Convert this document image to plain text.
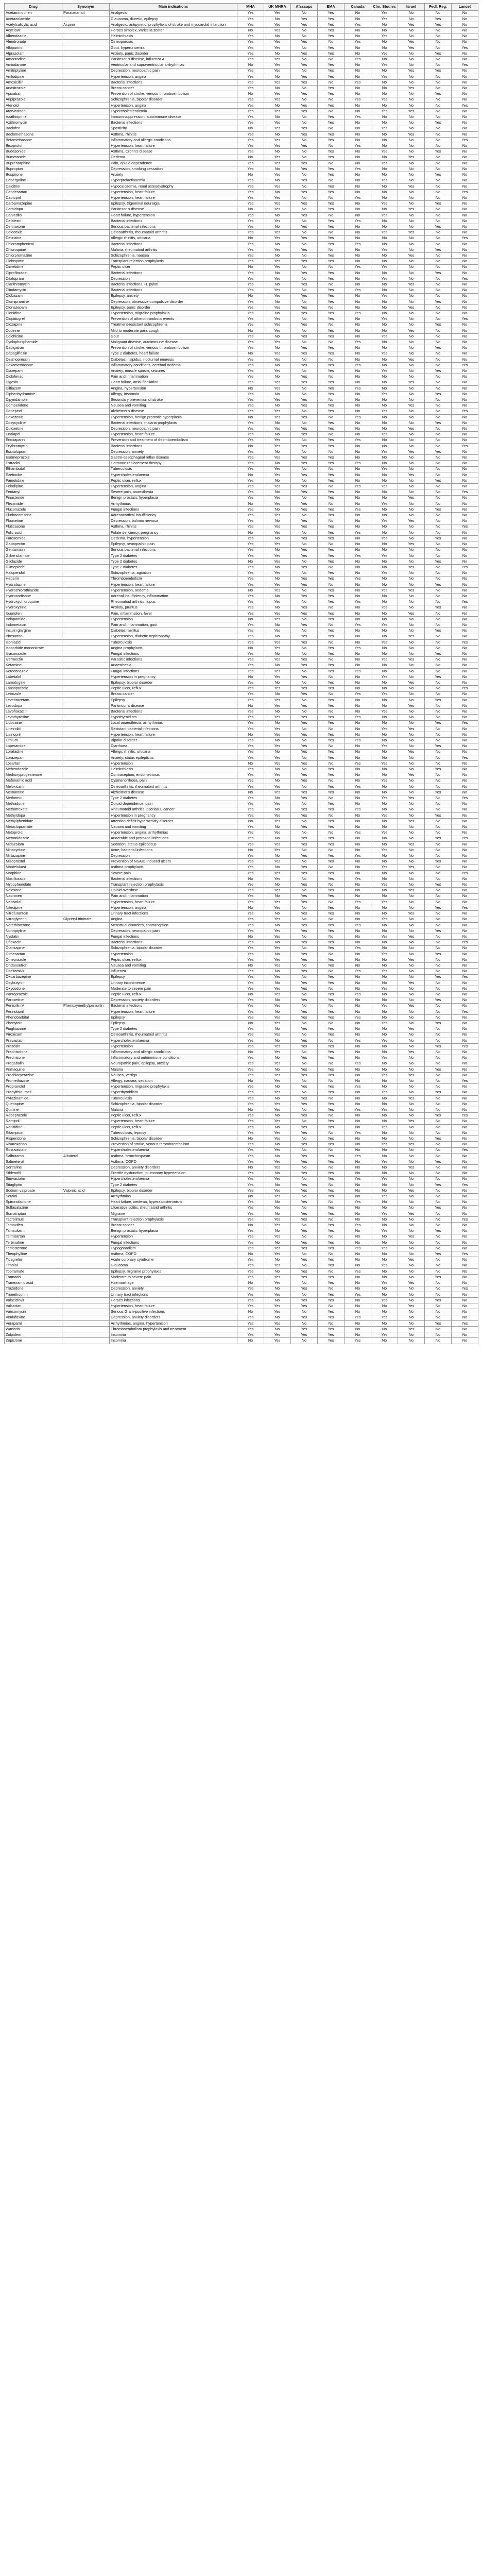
Drug	Synonym	Main indications	MHA	UK MHRA	Afsscaps	EMA	Canada	Clin. Studies	Israel	Fedl. Reg.	Lancet
Acetaminophen	Paracetamol	Analgesic	Yes	Yes	No	Yes	No	Yes	No	No	No
Acetazolamide		Glaucoma, diuretic, epilepsy	Yes	No	Yes	Yes	No	Yes	No	Yes	No
Acetylsalicylic acid	Aspirin	Analgesic, antipyretic, prophylaxis of stroke and myocardial infarction	Yes	Yes	Yes	Yes	Yes	No	Yes	Yes	No
Acyclovir		Herpes simplex, varicella zoster	No	Yes	No	Yes	No	No	No	No	No
Albendazole		Helminthiasis	Yes	No	No	Yes	No	Yes	No	No	No
Alendronate		Osteoporosis	Yes	Yes	Yes	No	Yes	No	Yes	No	No
Allopurinol		Gout, hyperuricemia	Yes	Yes	No	Yes	No	No	Yes	No	Yes
Alprazolam		Anxiety, panic disorder	Yes	No	Yes	Yes	No	Yes	No	Yes	No
Amantadine		Parkinson's disease, influenza A	Yes	Yes	No	No	Yes	No	No	No	No
Amiodarone		Ventricular and supraventricular arrhythmias	No	Yes	Yes	Yes	No	Yes	No	No	Yes
Amitriptyline		Depression, neuropathic pain	Yes	Yes	No	Yes	No	No	Yes	Yes	No
Amlodipine		Hypertension, angina	Yes	No	Yes	Yes	No	Yes	No	No	No
Amoxicillin		Bacterial infections	Yes	Yes	Yes	No	Yes	No	No	No	No
Anastrozole		Breast cancer	Yes	No	No	Yes	No	No	Yes	No	No
Apixaban		Prevention of stroke, venous thromboembolism	No	Yes	Yes	Yes	No	No	No	Yes	No
Aripiprazole		Schizophrenia, bipolar disorder	Yes	Yes	No	No	Yes	Yes	No	No	No
Atenolol		Hypertension, angina	Yes	No	Yes	Yes	No	No	No	No	Yes
Atorvastatin		Hypercholesterolemia	Yes	Yes	Yes	No	No	Yes	Yes	No	No
Azathioprine		Immunosuppression, autoimmune disease	Yes	No	No	Yes	Yes	No	No	No	No
Azithromycin		Bacterial infections	Yes	Yes	No	Yes	No	No	No	Yes	No
Baclofen		Spasticity	No	Yes	Yes	No	No	Yes	No	No	No
Beclomethasone		Asthma, rhinitis	Yes	No	Yes	Yes	No	No	Yes	No	No
Betamethasone		Inflammatory and allergic conditions	Yes	Yes	No	Yes	No	No	No	No	Yes
Bisoprolol		Hypertension, heart failure	Yes	Yes	Yes	No	Yes	No	No	No	No
Budesonide		Asthma, Crohn's disease	Yes	No	No	Yes	No	Yes	No	Yes	No
Bumetanide		Oedema	No	Yes	No	Yes	No	No	Yes	No	No
Buprenorphine		Pain, opioid dependence	Yes	Yes	Yes	No	No	Yes	No	No	No
Bupropion		Depression, smoking cessation	Yes	No	Yes	Yes	Yes	No	No	No	No
Buspirone		Anxiety	No	Yes	No	Yes	No	No	No	Yes	No
Cabergoline		Hyperprolactinaemia	Yes	No	Yes	No	No	Yes	No	No	No
Calcitriol		Hypocalcaemia, renal osteodystrophy	Yes	Yes	No	Yes	No	No	Yes	No	No
Candesartan		Hypertension, heart failure	Yes	No	Yes	Yes	No	No	No	No	Yes
Captopril		Hypertension, heart failure	Yes	Yes	No	No	Yes	No	No	No	No
Carbamazepine		Epilepsy, trigeminal neuralgia	Yes	Yes	Yes	Yes	No	Yes	No	Yes	No
Carbidopa		Parkinson's disease	No	Yes	No	Yes	No	No	Yes	No	No
Carvedilol		Heart failure, hypertension	Yes	No	Yes	No	No	Yes	No	No	No
Cefalexin		Bacterial infections	Yes	Yes	No	Yes	Yes	No	No	No	No
Ceftriaxone		Serious bacterial infections	Yes	No	Yes	Yes	No	No	No	Yes	No
Celecoxib		Osteoarthritis, rheumatoid arthritis	Yes	Yes	No	No	No	Yes	Yes	No	No
Cetirizine		Allergic rhinitis, urticaria	No	Yes	Yes	Yes	No	No	No	No	Yes
Chloramphenicol		Bacterial infections	Yes	No	No	Yes	Yes	No	No	No	No
Chloroquine		Malaria, rheumatoid arthritis	Yes	Yes	Yes	No	No	Yes	No	Yes	No
Chlorpromazine		Schizophrenia, nausea	Yes	No	No	Yes	No	No	Yes	No	No
Ciclosporin		Transplant rejection prophylaxis	Yes	Yes	Yes	Yes	No	No	No	No	No
Cimetidine		Peptic ulcer	No	Yes	No	No	Yes	Yes	No	No	No
Ciprofloxacin		Bacterial infections	Yes	No	Yes	Yes	No	No	No	Yes	No
Citalopram		Depression	Yes	Yes	No	Yes	No	Yes	No	No	Yes
Clarithromycin		Bacterial infections, H. pylori	Yes	No	Yes	No	No	No	Yes	No	No
Clindamycin		Bacterial infections	Yes	Yes	No	Yes	Yes	No	No	No	No
Clobazam		Epilepsy, anxiety	No	Yes	Yes	Yes	No	Yes	No	No	No
Clomipramine		Depression, obsessive-compulsive disorder	Yes	No	No	Yes	No	No	No	Yes	No
Clonazepam		Epilepsy, panic disorder	Yes	Yes	Yes	No	No	No	Yes	No	No
Clonidine		Hypertension, migraine prophylaxis	Yes	No	Yes	Yes	Yes	No	No	No	No
Clopidogrel		Prevention of atherothrombotic events	Yes	Yes	No	Yes	No	Yes	No	No	Yes
Clozapine		Treatment-resistant schizophrenia	Yes	Yes	Yes	No	No	No	No	Yes	No
Codeine		Mild to moderate pain, cough	No	Yes	No	Yes	No	No	Yes	No	No
Colchicine		Gout	Yes	No	Yes	Yes	No	Yes	No	No	No
Cyclophosphamide		Malignant disease, autoimmune disease	Yes	Yes	No	No	Yes	No	No	No	No
Dabigatran		Prevention of stroke, venous thromboembolism	Yes	No	Yes	Yes	No	No	No	Yes	No
Dapagliflozin		Type 2 diabetes, heart failure	No	Yes	Yes	Yes	No	Yes	No	No	No
Desmopressin		Diabetes insipidus, nocturnal enuresis	Yes	Yes	No	No	No	No	Yes	No	No
Dexamethasone		Inflammatory conditions, cerebral oedema	Yes	No	Yes	Yes	Yes	No	No	No	Yes
Diazepam		Anxiety, muscle spasm, seizures	Yes	Yes	No	Yes	No	Yes	No	Yes	No
Diclofenac		Pain and inflammation	Yes	No	Yes	No	No	No	No	No	No
Digoxin		Heart failure, atrial fibrillation	Yes	Yes	Yes	Yes	No	No	Yes	No	No
Diltiazem		Angina, hypertension	No	Yes	No	Yes	Yes	No	No	No	No
Diphenhydramine		Allergy, insomnia	Yes	No	No	Yes	No	Yes	No	Yes	No
Dipyridamole		Secondary prevention of stroke	Yes	Yes	Yes	No	No	No	No	No	No
Domperidone		Nausea and vomiting	Yes	No	Yes	Yes	No	No	Yes	No	No
Donepezil		Alzheimer's disease	Yes	Yes	No	Yes	No	Yes	No	No	Yes
Doxazosin		Hypertension, benign prostatic hyperplasia	No	Yes	Yes	No	Yes	No	No	No	No
Doxycycline		Bacterial infections, malaria prophylaxis	Yes	No	No	Yes	No	No	No	Yes	No
Duloxetine		Depression, neuropathic pain	Yes	Yes	Yes	Yes	No	No	Yes	No	No
Enalapril		Hypertension, heart failure	Yes	No	Yes	No	No	Yes	No	No	No
Enoxaparin		Prevention and treatment of thromboembolism	Yes	Yes	No	Yes	Yes	No	No	No	No
Erythromycin		Bacterial infections	No	Yes	Yes	Yes	No	No	No	No	Yes
Escitalopram		Depression, anxiety	Yes	No	No	No	No	Yes	Yes	Yes	No
Esomeprazole		Gastro-oesophageal reflux disease	Yes	Yes	Yes	Yes	No	No	No	No	No
Estradiol		Hormone replacement therapy	Yes	No	Yes	Yes	Yes	No	No	No	No
Ethambutol		Tuberculosis	Yes	Yes	No	No	No	Yes	No	No	No
Ezetimibe		Hypercholesterolaemia	No	Yes	Yes	Yes	No	No	Yes	No	No
Famotidine		Peptic ulcer, reflux	Yes	No	No	Yes	No	No	No	Yes	No
Felodipine		Hypertension, angina	Yes	Yes	Yes	No	Yes	Yes	No	No	No
Fentanyl		Severe pain, anaesthesia	Yes	No	Yes	Yes	No	No	No	No	Yes
Finasteride		Benign prostatic hyperplasia	Yes	Yes	No	Yes	No	No	Yes	No	No
Flecainide		Arrhythmias	No	Yes	Yes	No	No	Yes	No	No	No
Fluconazole		Fungal infections	Yes	No	Yes	Yes	Yes	No	No	Yes	No
Fludrocortisone		Adrenocortical insufficiency	Yes	Yes	No	Yes	No	No	No	No	No
Fluoxetine		Depression, bulimia nervosa	Yes	No	Yes	No	No	Yes	Yes	No	No
Fluticasone		Asthma, rhinitis	Yes	Yes	Yes	Yes	No	No	No	No	Yes
Folic acid		Folate deficiency, pregnancy	No	Yes	No	Yes	Yes	No	No	No	No
Furosemide		Oedema, hypertension	Yes	No	Yes	Yes	No	Yes	No	Yes	No
Gabapentin		Epilepsy, neuropathic pain	Yes	Yes	No	No	No	No	Yes	No	No
Gentamicin		Serious bacterial infections	Yes	No	Yes	Yes	No	No	No	No	No
Glibenclamide		Type 2 diabetes	Yes	Yes	Yes	Yes	Yes	Yes	No	No	No
Gliclazide		Type 2 diabetes	No	Yes	No	Yes	No	No	No	Yes	No
Glimepiride		Type 2 diabetes	Yes	No	Yes	No	No	No	Yes	No	Yes
Haloperidol		Schizophrenia, agitation	Yes	Yes	No	Yes	No	Yes	No	No	No
Heparin		Thromboembolism	Yes	No	Yes	Yes	Yes	No	No	No	No
Hydralazine		Hypertension, heart failure	Yes	Yes	Yes	No	No	No	No	Yes	No
Hydrochlorothiazide		Hypertension, oedema	No	Yes	No	Yes	No	Yes	Yes	No	No
Hydrocortisone		Adrenal insufficiency, inflammation	Yes	No	Yes	Yes	No	No	No	No	No
Hydroxychloroquine		Rheumatoid arthritis, lupus	Yes	Yes	No	Yes	Yes	No	No	No	Yes
Hydroxyzine		Anxiety, pruritus	Yes	No	Yes	No	No	Yes	No	Yes	No
Ibuprofen		Pain, inflammation, fever	Yes	Yes	Yes	Yes	No	No	Yes	No	No
Indapamide		Hypertension	No	Yes	No	Yes	No	No	No	No	No
Indometacin		Pain and inflammation, gout	Yes	No	Yes	No	Yes	Yes	No	No	No
Insulin glargine		Diabetes mellitus	Yes	Yes	No	Yes	No	No	No	Yes	No
Irbesartan		Hypertension, diabetic nephropathy	Yes	No	Yes	Yes	No	No	Yes	No	No
Isoniazid		Tuberculosis	Yes	Yes	Yes	No	No	Yes	No	No	Yes
Isosorbide mononitrate		Angina prophylaxis	No	Yes	No	Yes	Yes	No	No	No	No
Itraconazole		Fungal infections	Yes	No	No	Yes	No	No	No	Yes	No
Ivermectin		Parasitic infections	Yes	Yes	Yes	No	No	Yes	Yes	No	No
Ketamine		Anaesthesia	Yes	No	Yes	Yes	No	No	No	No	No
Ketoconazole		Fungal infections	Yes	Yes	No	Yes	Yes	No	No	No	No
Labetalol		Hypertension in pregnancy	No	Yes	Yes	No	No	Yes	No	Yes	No
Lamotrigine		Epilepsy, bipolar disorder	Yes	No	No	Yes	No	No	Yes	No	No
Lansoprazole		Peptic ulcer, reflux	Yes	Yes	Yes	Yes	No	No	No	No	Yes
Letrozole		Breast cancer	Yes	No	Yes	No	Yes	Yes	No	No	No
Levetiracetam		Epilepsy	Yes	Yes	No	Yes	No	No	No	Yes	No
Levodopa		Parkinson's disease	No	Yes	Yes	Yes	No	No	Yes	No	No
Levofloxacin		Bacterial infections	Yes	No	No	No	No	Yes	No	No	No
Levothyroxine		Hypothyroidism	Yes	Yes	Yes	Yes	Yes	No	No	No	No
Lidocaine		Local anaesthesia, arrhythmias	Yes	No	Yes	Yes	No	No	No	Yes	Yes
Linezolid		Resistant bacterial infections	Yes	Yes	No	No	No	Yes	Yes	No	No
Lisinopril		Hypertension, heart failure	No	Yes	Yes	Yes	No	No	No	No	No
Lithium		Bipolar disorder	Yes	No	No	Yes	Yes	No	No	No	No
Loperamide		Diarrhoea	Yes	Yes	Yes	No	No	Yes	No	Yes	No
Loratadine		Allergic rhinitis, urticaria	Yes	No	Yes	Yes	No	No	Yes	No	No
Lorazepam		Anxiety, status epilepticus	Yes	Yes	No	Yes	No	No	No	No	Yes
Losartan		Hypertension	No	Yes	Yes	No	Yes	Yes	No	No	No
Mebendazole		Helminthiasis	Yes	No	No	Yes	No	No	No	Yes	No
Medroxyprogesterone		Contraception, endometriosis	Yes	Yes	Yes	Yes	No	No	Yes	No	No
Mefenamic acid		Dysmenorrhoea, pain	Yes	No	Yes	No	No	Yes	No	No	No
Meloxicam		Osteoarthritis, rheumatoid arthritis	Yes	Yes	No	Yes	Yes	No	No	No	No
Memantine		Alzheimer's disease	No	Yes	Yes	Yes	No	No	No	Yes	No
Metformin		Type 2 diabetes	Yes	No	Yes	No	No	Yes	Yes	No	Yes
Methadone		Opioid dependence, pain	Yes	Yes	No	Yes	No	No	No	No	No
Methotrexate		Rheumatoid arthritis, psoriasis, cancer	Yes	No	Yes	Yes	Yes	No	No	No	No
Methyldopa		Hypertension in pregnancy	Yes	Yes	Yes	No	No	Yes	No	Yes	No
Methylphenidate		Attention deficit hyperactivity disorder	No	Yes	No	Yes	No	No	Yes	No	No
Metoclopramide		Nausea and vomiting	Yes	No	Yes	Yes	No	No	No	No	No
Metoprolol		Hypertension, angina, arrhythmias	Yes	Yes	No	No	Yes	Yes	No	No	No
Metronidazole		Anaerobic and protozoal infections	Yes	No	Yes	Yes	No	No	No	Yes	Yes
Midazolam		Sedation, status epilepticus	Yes	Yes	Yes	Yes	No	No	Yes	No	No
Minocycline		Acne, bacterial infections	No	Yes	No	No	No	Yes	No	No	No
Mirtazapine		Depression	Yes	No	Yes	Yes	Yes	No	No	No	No
Misoprostol		Prevention of NSAID-induced ulcers	Yes	Yes	No	Yes	No	No	No	Yes	No
Montelukast		Asthma prophylaxis	Yes	No	Yes	No	No	Yes	Yes	No	No
Morphine		Severe pain	Yes	Yes	Yes	Yes	No	No	No	No	Yes
Moxifloxacin		Bacterial infections	No	Yes	No	Yes	Yes	No	No	No	No
Mycophenolate		Transplant rejection prophylaxis	Yes	No	Yes	No	No	Yes	No	Yes	No
Naloxone		Opioid overdose	Yes	Yes	No	Yes	No	No	Yes	No	No
Naproxen		Pain and inflammation	Yes	No	Yes	Yes	No	No	No	No	No
Nebivolol		Hypertension, heart failure	Yes	Yes	Yes	No	Yes	Yes	No	No	No
Nifedipine		Hypertension, angina	No	Yes	No	Yes	No	No	No	Yes	Yes
Nitrofurantoin		Urinary tract infections	Yes	No	Yes	Yes	No	No	Yes	No	No
Nitroglycerin	Glyceryl trinitrate	Angina	Yes	Yes	No	No	No	Yes	No	No	No
Norethisterone		Menstrual disorders, contraception	Yes	No	Yes	Yes	Yes	No	No	No	No
Nortriptyline		Depression, neuropathic pain	Yes	Yes	Yes	Yes	No	No	No	Yes	No
Nystatin		Fungal infections	No	Yes	No	No	No	Yes	Yes	No	No
Ofloxacin		Bacterial infections	Yes	No	Yes	Yes	No	No	No	No	Yes
Olanzapine		Schizophrenia, bipolar disorder	Yes	Yes	No	Yes	Yes	No	No	No	No
Olmesartan		Hypertension	Yes	No	Yes	No	No	Yes	No	Yes	No
Omeprazole		Peptic ulcer, reflux	Yes	Yes	Yes	Yes	No	No	Yes	No	No
Ondansetron		Nausea and vomiting	No	Yes	No	Yes	No	No	No	No	No
Oseltamivir		Influenza	Yes	No	Yes	No	Yes	Yes	No	No	No
Oxcarbazepine		Epilepsy	Yes	Yes	No	Yes	No	No	No	Yes	Yes
Oxybutynin		Urinary incontinence	Yes	No	Yes	Yes	No	No	Yes	No	No
Oxycodone		Moderate to severe pain	Yes	Yes	Yes	No	No	Yes	No	No	No
Pantoprazole		Peptic ulcer, reflux	No	Yes	No	Yes	Yes	No	No	No	No
Paroxetine		Depression, anxiety disorders	Yes	No	Yes	Yes	No	No	No	Yes	No
Penicillin V	Phenoxymethylpenicillin	Bacterial infections	Yes	Yes	No	No	No	Yes	Yes	No	No
Perindopril		Hypertension, heart failure	Yes	No	Yes	Yes	No	No	No	No	Yes
Phenobarbital		Epilepsy	Yes	Yes	Yes	Yes	Yes	No	No	No	No
Phenytoin		Epilepsy	No	Yes	No	No	No	Yes	No	Yes	No
Pioglitazone		Type 2 diabetes	Yes	No	Yes	Yes	No	No	Yes	No	No
Piroxicam		Osteoarthritis, rheumatoid arthritis	Yes	Yes	No	Yes	No	No	No	No	No
Pravastatin		Hypercholesterolaemia	Yes	No	Yes	No	Yes	Yes	No	No	No
Prazosin		Hypertension	Yes	Yes	Yes	Yes	No	No	No	Yes	Yes
Prednisolone		Inflammatory and allergic conditions	No	Yes	No	Yes	No	No	Yes	No	No
Prednisone		Inflammatory and autoimmune conditions	Yes	No	Yes	Yes	No	Yes	No	No	No
Pregabalin		Neuropathic pain, epilepsy, anxiety	Yes	Yes	No	No	Yes	No	No	No	No
Primaquine		Malaria	Yes	No	Yes	Yes	No	No	No	Yes	No
Prochlorperazine		Nausea, vertigo	Yes	Yes	Yes	Yes	No	Yes	Yes	No	No
Promethazine		Allergy, nausea, sedation	No	Yes	No	No	No	No	No	No	Yes
Propranolol		Hypertension, migraine prophylaxis	Yes	No	Yes	Yes	Yes	No	No	No	No
Propylthiouracil		Hyperthyroidism	Yes	Yes	No	Yes	No	Yes	No	Yes	No
Pyrazinamide		Tuberculosis	Yes	No	Yes	No	No	No	Yes	No	No
Quetiapine		Schizophrenia, bipolar disorder	Yes	Yes	Yes	Yes	No	No	No	No	No
Quinine		Malaria	No	Yes	No	Yes	Yes	Yes	No	No	No
Rabeprazole		Peptic ulcer, reflux	Yes	No	Yes	No	No	No	No	Yes	Yes
Ramipril		Hypertension, heart failure	Yes	Yes	No	Yes	No	No	Yes	No	No
Ranitidine		Peptic ulcer, reflux	Yes	No	Yes	Yes	No	Yes	No	No	No
Rifampicin		Tuberculosis, leprosy	Yes	Yes	Yes	No	Yes	No	No	No	No
Risperidone		Schizophrenia, bipolar disorder	No	Yes	No	Yes	No	No	No	Yes	No
Rivaroxaban		Prevention of stroke, venous thromboembolism	Yes	No	Yes	Yes	No	Yes	Yes	No	No
Rosuvastatin		Hypercholesterolaemia	Yes	Yes	No	No	No	No	No	No	Yes
Salbutamol	Albuterol	Asthma, bronchospasm	Yes	No	Yes	Yes	Yes	No	No	No	No
Salmeterol		Asthma, COPD	Yes	Yes	Yes	Yes	No	Yes	No	Yes	No
Sertraline		Depression, anxiety disorders	No	Yes	No	No	No	No	Yes	No	No
Sildenafil		Erectile dysfunction, pulmonary hypertension	Yes	No	Yes	Yes	No	No	No	No	No
Simvastatin		Hypercholesterolaemia	Yes	Yes	No	Yes	Yes	Yes	No	No	No
Sitagliptin		Type 2 diabetes	Yes	No	Yes	No	No	No	No	Yes	Yes
Sodium valproate	Valproic acid	Epilepsy, bipolar disorder	Yes	Yes	Yes	Yes	No	No	Yes	No	No
Sotalol		Arrhythmias	No	Yes	No	Yes	No	Yes	No	No	No
Spironolactone		Heart failure, oedema, hyperaldosteronism	Yes	No	Yes	No	Yes	No	No	No	No
Sulfasalazine		Ulcerative colitis, rheumatoid arthritis	Yes	Yes	No	Yes	No	No	No	Yes	No
Sumatriptan		Migraine	Yes	No	Yes	Yes	No	Yes	Yes	No	No
Tacrolimus		Transplant rejection prophylaxis	Yes	Yes	Yes	No	No	No	No	No	Yes
Tamoxifen		Breast cancer	No	Yes	No	Yes	Yes	No	No	No	No
Tamsulosin		Benign prostatic hyperplasia	Yes	No	Yes	Yes	No	Yes	No	Yes	No
Telmisartan		Hypertension	Yes	Yes	No	No	No	No	Yes	No	No
Terbinafine		Fungal infections	Yes	No	Yes	Yes	No	No	No	No	No
Testosterone		Hypogonadism	Yes	Yes	Yes	Yes	Yes	Yes	No	No	No
Theophylline		Asthma, COPD	No	Yes	No	No	No	No	No	Yes	Yes
Ticagrelor		Acute coronary syndrome	Yes	No	Yes	Yes	No	No	Yes	No	No
Timolol		Glaucoma	Yes	Yes	No	Yes	No	Yes	No	No	No
Topiramate		Epilepsy, migraine prophylaxis	Yes	No	Yes	No	Yes	No	No	No	No
Tramadol		Moderate to severe pain	Yes	Yes	Yes	Yes	No	No	No	Yes	No
Tranexamic acid		Haemorrhage	No	Yes	No	Yes	No	Yes	Yes	No	No
Trazodone		Depression, anxiety	Yes	No	Yes	No	No	No	No	No	Yes
Trimethoprim		Urinary tract infections	Yes	Yes	No	Yes	Yes	No	No	No	No
Valaciclovir		Herpes infections	Yes	No	Yes	Yes	No	Yes	No	Yes	No
Valsartan		Hypertension, heart failure	Yes	Yes	Yes	No	No	No	Yes	No	No
Vancomycin		Serious Gram-positive infections	No	Yes	No	Yes	No	No	No	No	No
Venlafaxine		Depression, anxiety disorders	Yes	No	Yes	Yes	Yes	Yes	No	No	No
Verapamil		Arrhythmias, angina, hypertension	Yes	Yes	No	No	No	No	No	Yes	Yes
Warfarin		Thromboembolism prophylaxis and treatment	Yes	No	Yes	Yes	No	No	Yes	No	No
Zolpidem		Insomnia	Yes	Yes	Yes	Yes	No	Yes	No	No	No
Zopiclone		Insomnia	No	Yes	No	Yes	Yes	No	No	No	No
